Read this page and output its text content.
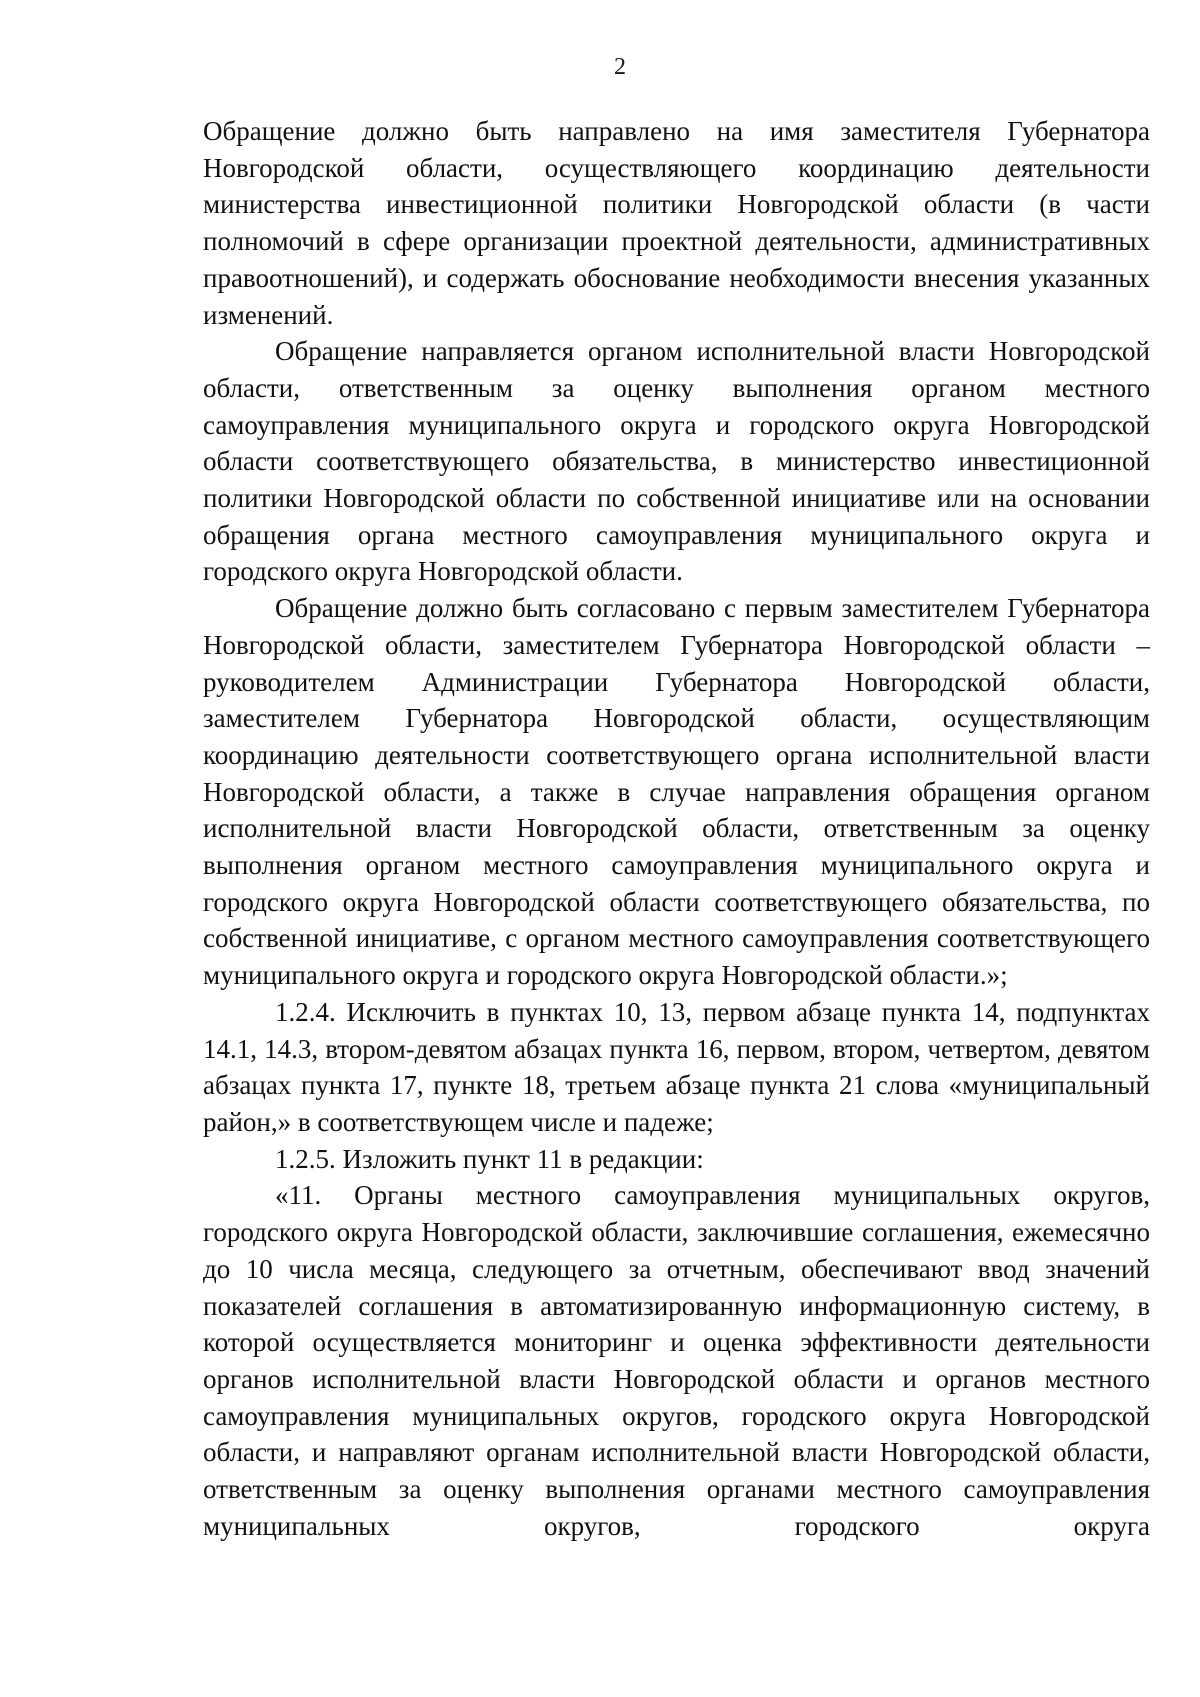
2

Обращение должно быть направлено на имя заместителя Губернатора Новгородской области, осуществляющего координацию деятельности министерства инвестиционной политики Новгородской области (в части полномочий в сфере организации проектной деятельности, административных правоотношений), и содержать обоснование необходимости внесения указанных изменений.

Обращение направляется органом исполнительной власти Новгородской области, ответственным за оценку выполнения органом местного самоуправления муниципального округа и городского округа Новгородской области соответствующего обязательства, в министерство инвестиционной политики Новгородской области по собственной инициативе или на основании обращения органа местного самоуправления муниципального округа и городского округа Новгородской области.

Обращение должно быть согласовано с первым заместителем Губернатора Новгородской области, заместителем Губернатора Новгородской области – руководителем Администрации Губернатора Новгородской области, заместителем Губернатора Новгородской области, осуществляющим координацию деятельности соответствующего органа исполнительной власти Новгородской области, а также в случае направления обращения органом исполнительной власти Новгородской области, ответственным за оценку выполнения органом местного самоуправления муниципального округа и городского округа Новгородской области соответствующего обязательства, по собственной инициативе, с органом местного самоуправления соответствующего муниципального округа и городского округа Новгородской области.»;

1.2.4. Исключить в пунктах 10, 13, первом абзаце пункта 14, подпунктах 14.1, 14.3, втором-девятом абзацах пункта 16, первом, втором, четвертом, девятом абзацах пункта 17, пункте 18, третьем абзаце пункта 21 слова «муниципальный район,» в соответствующем числе и падеже;

1.2.5. Изложить пункт 11 в редакции:

«11. Органы местного самоуправления муниципальных округов, городского округа Новгородской области, заключившие соглашения, ежемесячно до 10 числа месяца, следующего за отчетным, обеспечивают ввод значений показателей соглашения в автоматизированную информационную систему, в которой осуществляется мониторинг и оценка эффективности деятельности органов исполнительной власти Новгородской области и органов местного самоуправления муниципальных округов, городского округа Новгородской области, и направляют органам исполнительной власти Новгородской области, ответственным за оценку выполнения органами местного самоуправления муниципальных округов, городского округа
